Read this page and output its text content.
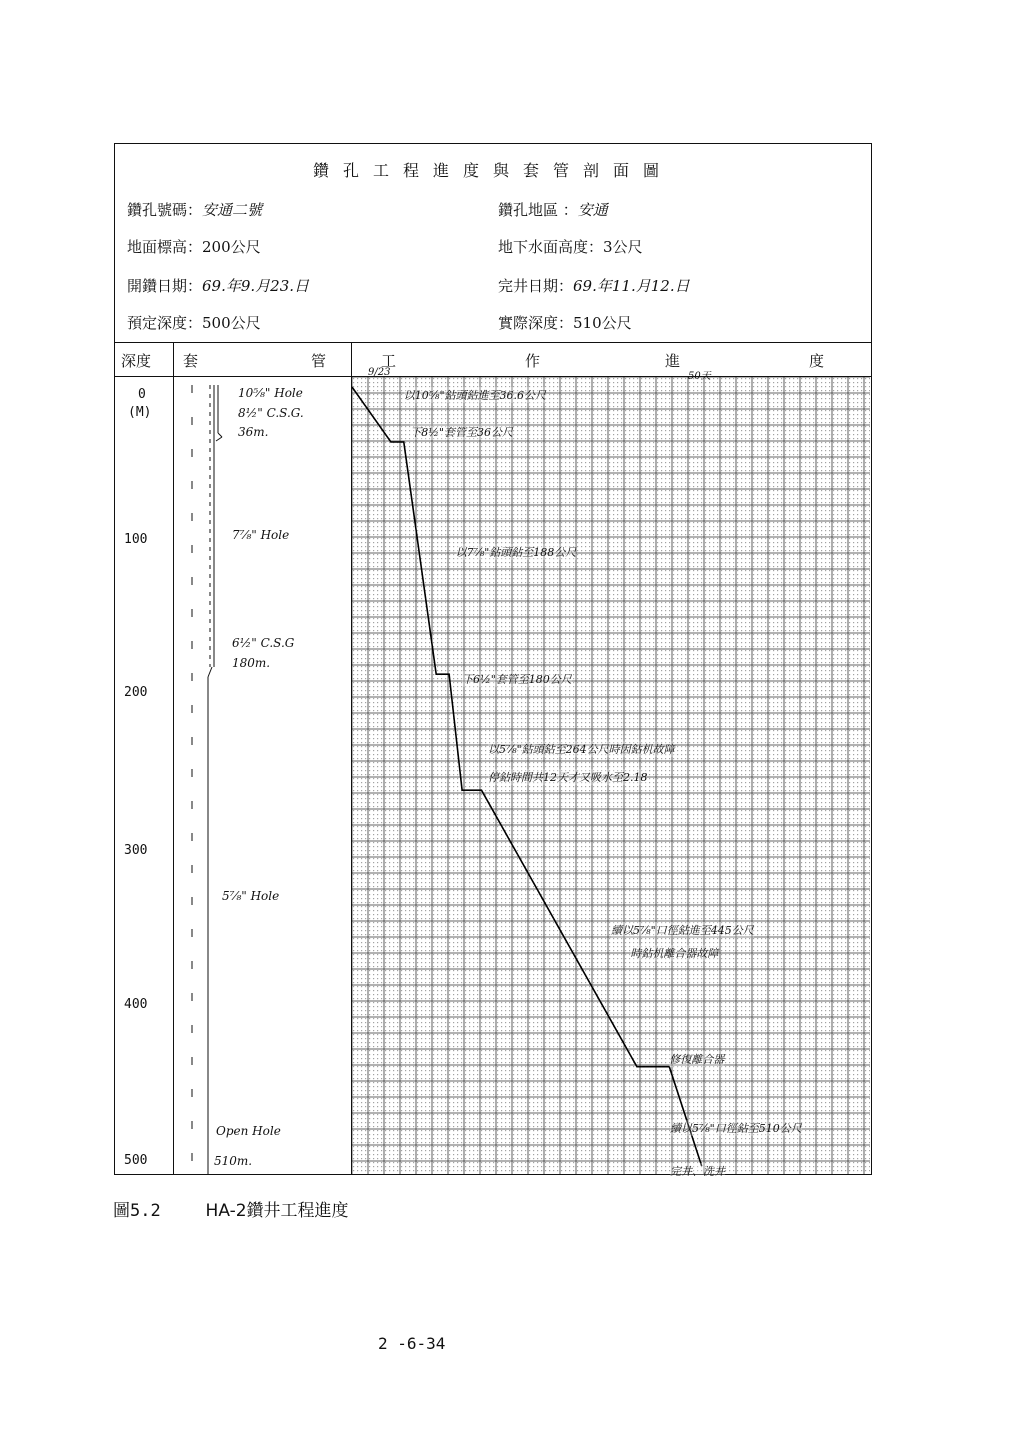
鑽孔工程進度與套管剖面圖
鑽孔號碼：安通二號	鑽孔地區 ：安通
地面標高：200公尺	地下水面高度：3公尺
開鑽日期：69.年9.月23.日	完井日期：69.年11.月12.日
預定深度：500公尺	實際深度：510公尺
深度 套	管	工	作	進	度
0
(M)
100
200
300
400
500
10⁵⁄₈" Hole
8½" C.S.G.
36m.
7⁷⁄₈" Hole
6½" C.S.G
180m.
5⁷⁄₈" Hole
Open Hole
510m.
9/23	50天
以10⁵⁄₈"鉆頭鉆進至36.6公尺
下8½"套管至36公尺
以7⁷⁄₈"鉆頭鉆至188公尺
下6½"套管至180公尺
以5⁷⁄₈"鉆頭鉆至264公尺時因鉆机故障
停鉆時間共12天才又吸水至2.18
續以5⁷⁄₈"口徑鉆進至445公尺
時鉆机離合器故障
修復離合器
續以5⁷⁄₈"口徑鉆至510公尺
完井、洗井
圖5.2	HA-2鑽井工程進度
2 -6-34
